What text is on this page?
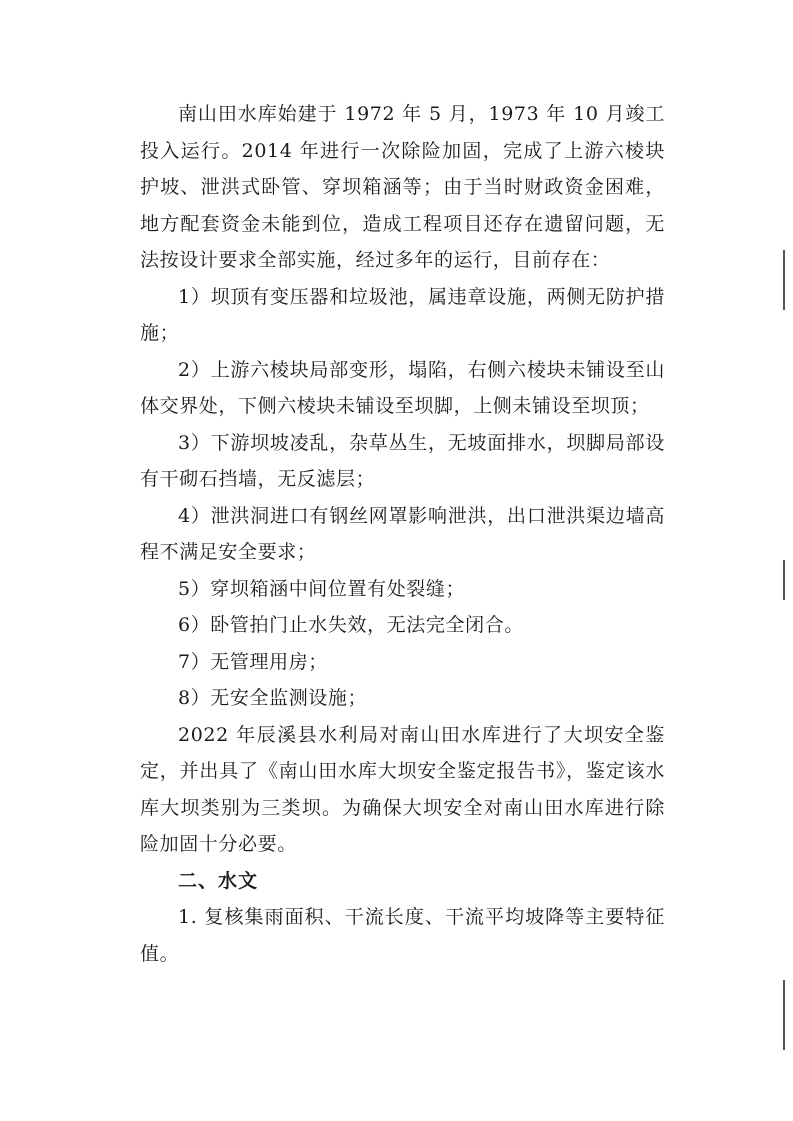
南山田水库始建于 1972 年 5 月，1973 年 10 月竣工投入运行。2014 年进行一次除险加固，完成了上游六棱块护坡、泄洪式卧管、穿坝箱涵等；由于当时财政资金困难，地方配套资金未能到位，造成工程项目还存在遗留问题，无法按设计要求全部实施，经过多年的运行，目前存在：

1）坝顶有变压器和垃圾池，属违章设施，两侧无防护措施；

2）上游六棱块局部变形，塌陷，右侧六棱块未铺设至山体交界处，下侧六棱块未铺设至坝脚，上侧未铺设至坝顶；

3）下游坝坡凌乱，杂草丛生，无坡面排水，坝脚局部设有干砌石挡墙，无反滤层；

4）泄洪洞进口有钢丝网罩影响泄洪，出口泄洪渠边墙高程不满足安全要求；

5）穿坝箱涵中间位置有处裂缝；

6）卧管拍门止水失效，无法完全闭合。

7）无管理用房；

8）无安全监测设施；

2022 年辰溪县水利局对南山田水库进行了大坝安全鉴定，并出具了《南山田水库大坝安全鉴定报告书》，鉴定该水库大坝类别为三类坝。为确保大坝安全对南山田水库进行除险加固十分必要。

二、水文

1. 复核集雨面积、干流长度、干流平均坡降等主要特征值。
